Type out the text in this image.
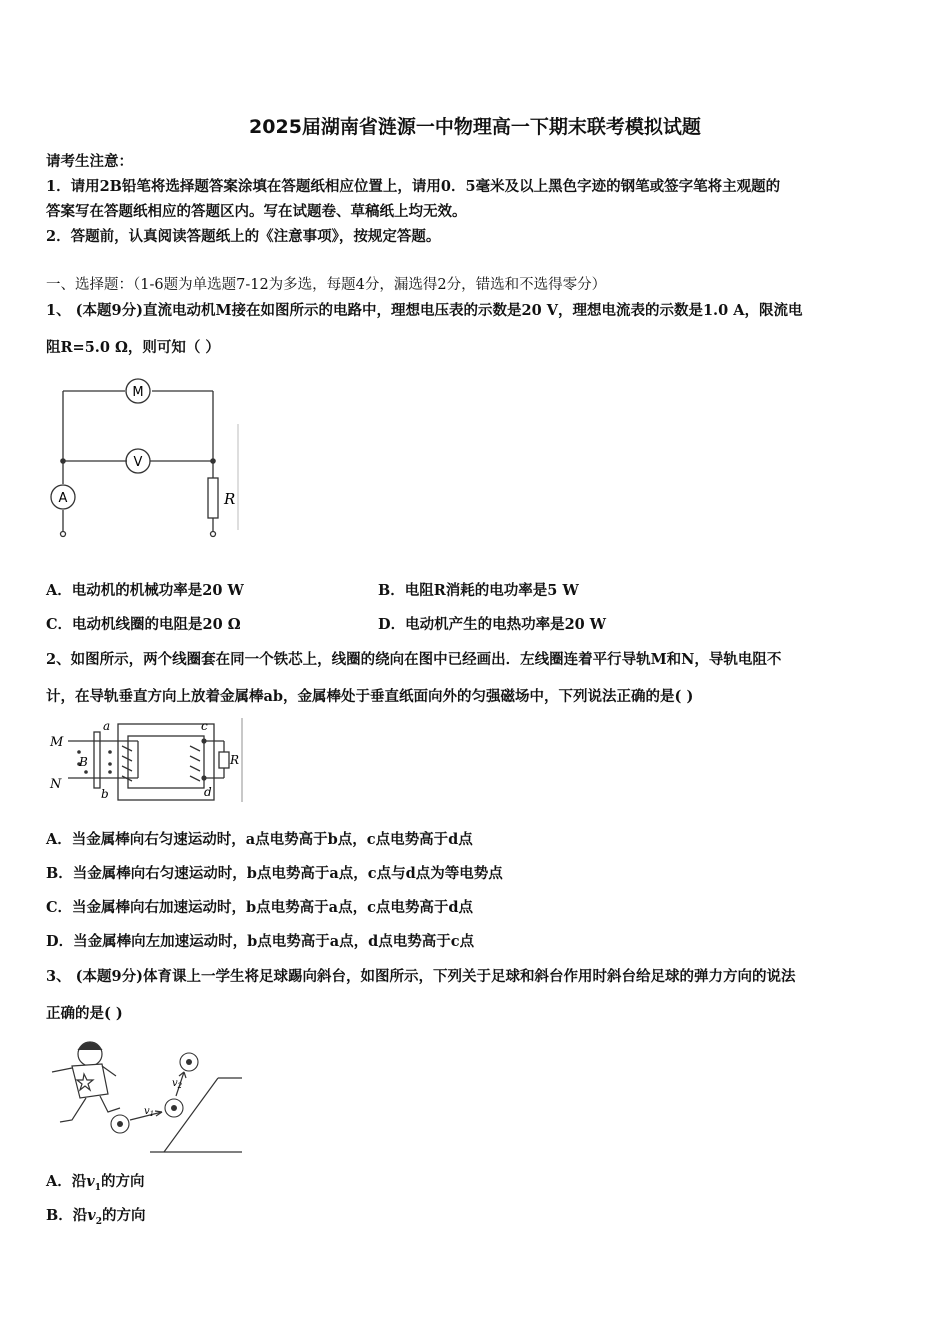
2025届湖南省涟源一中物理高一下期末联考模拟试题
请考生注意：
1．请用2B铅笔将选择题答案涂填在答题纸相应位置上，请用0．5毫米及以上黑色字迹的钢笔或签字笔将主观题的
答案写在答题纸相应的答题区内。写在试题卷、草稿纸上均无效。
2．答题前，认真阅读答题纸上的《注意事项》，按规定答题。
一、选择题：（1-6题为单选题7-12为多选，每题4分，漏选得2分，错选和不选得零分）
1、 (本题9分)直流电动机M接在如图所示的电路中，理想电压表的示数是20 V，理想电流表的示数是1.0 A，限流电
阻R=5.0 Ω，则可知（ ）
M
V
A	R
A．电动机的机械功率是20 W	B．电阻R消耗的电功率是5 W
C．电动机线圈的电阻是20 Ω	D．电动机产生的电热功率是20 W
2、如图所示，两个线圈套在同一个铁芯上，线圈的绕向在图中已经画出．左线圈连着平行导轨M和N，导轨电阻不
计，在导轨垂直方向上放着金属棒ab，金属棒处于垂直纸面向外的匀强磁场中，下列说法正确的是( )
M
N
a
b
B
c
d
R
A．当金属棒向右匀速运动时，a点电势高于b点，c点电势高于d点
B．当金属棒向右匀速运动时，b点电势高于a点，c点与d点为等电势点
C．当金属棒向右加速运动时，b点电势高于a点，c点电势高于d点
D．当金属棒向左加速运动时，b点电势高于a点，d点电势高于c点
3、 (本题9分)体育课上一学生将足球踢向斜台，如图所示，下列关于足球和斜台作用时斜台给足球的弹力方向的说法
正确的是( )
$v_1$
$v_2$
A．沿$v_1$的方向
B．沿$v_2$的方向
